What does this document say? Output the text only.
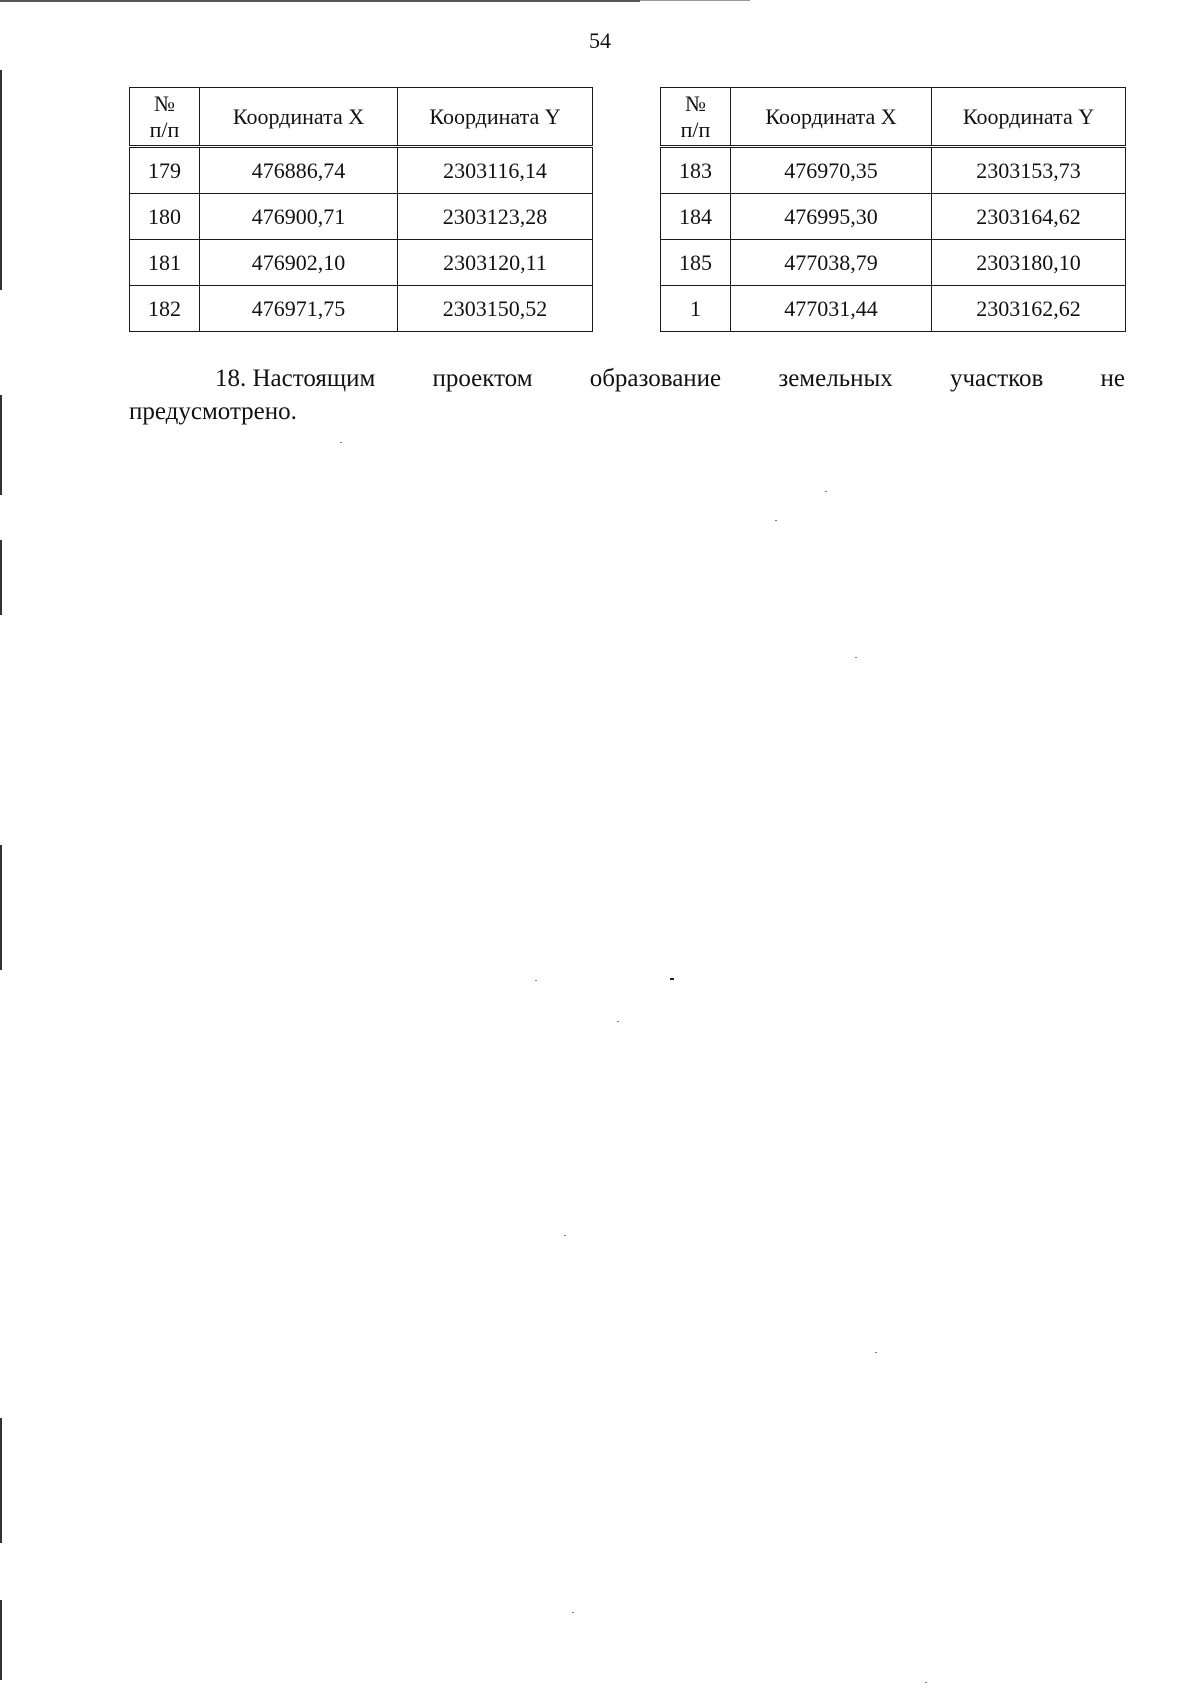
54
№
п/п	Координата X	Координата Y
179	476886,74	2303116,14
180	476900,71	2303123,28
181	476902,10	2303120,11
182	476971,75	2303150,52
№
п/п	Координата X	Координата Y
183	476970,35	2303153,73
184	476995,30	2303164,62
185	477038,79	2303180,10
1	477031,44	2303162,62
18. Настоящим проектом образование земельных участков не
предусмотрено.
